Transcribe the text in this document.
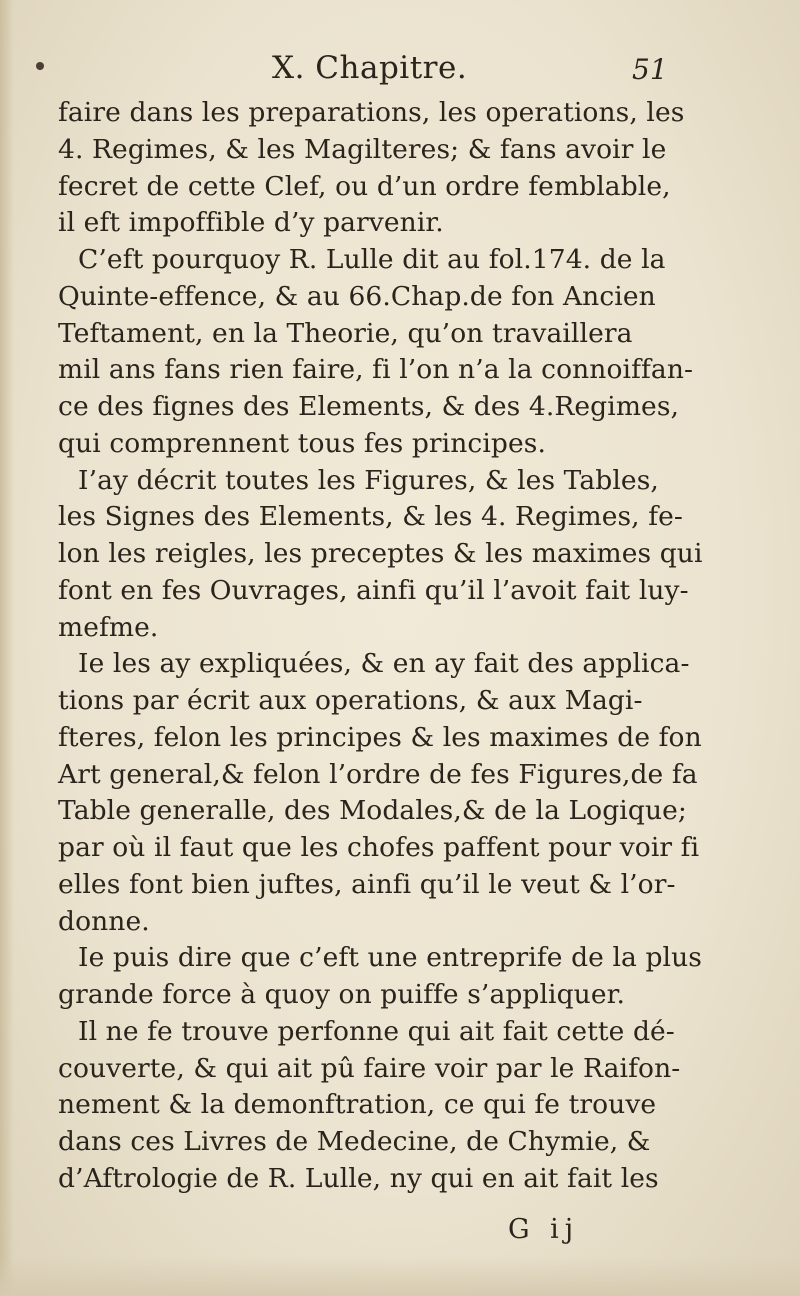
X. Chapitre.	51
faire dans les preparations, les operations, les
4. Regimes, & les Magilteres; & fans avoir le
fecret de cette Clef, ou d’un ordre femblable,
il eft impoffible d’y parvenir.
C’eft pourquoy R. Lulle dit au fol.174. de la
Quinte-effence, & au 66.Chap.de fon Ancien
Teftament, en la Theorie, qu’on travaillera
mil ans fans rien faire, fi l’on n’a la connoiffan-
ce des fignes des Elements, & des 4.Regimes,
qui comprennent tous fes principes.
I’ay décrit toutes les Figures, & les Tables,
les Signes des Elements, & les 4. Regimes, fe-
lon les reigles, les preceptes & les maximes qui
font en fes Ouvrages, ainfi qu’il l’avoit fait luy-
mefme.
Ie les ay expliquées, & en ay fait des applica-
tions par écrit aux operations, & aux Magi-
fteres, felon les principes & les maximes de fon
Art general,& felon l’ordre de fes Figures,de fa
Table generalle, des Modales,& de la Logique;
par où il faut que les chofes paffent pour voir fi
elles font bien juftes, ainfi qu’il le veut & l’or-
donne.
Ie puis dire que c’eft une entreprife de la plus
grande force à quoy on puiffe s’appliquer.
Il ne fe trouve perfonne qui ait fait cette dé-
couverte, & qui ait pû faire voir par le Raifon-
nement & la demonftration, ce qui fe trouve
dans ces Livres de Medecine, de Chymie, &
d’Aftrologie de R. Lulle, ny qui en ait fait les
G ij
